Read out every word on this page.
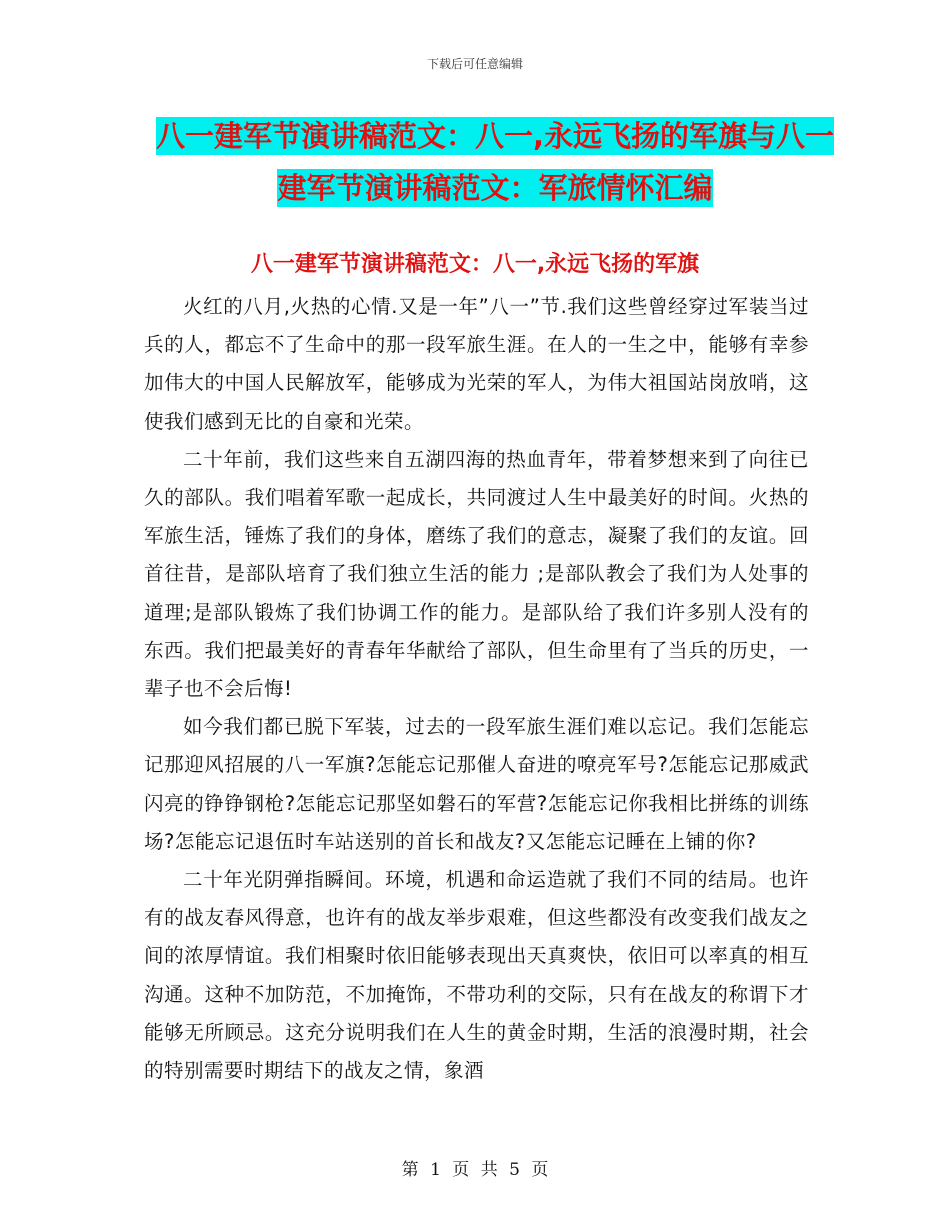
下载后可任意编辑
八一建军节演讲稿范文：八一,永远飞扬的军旗与八一建军节演讲稿范文：军旅情怀汇编
八一建军节演讲稿范文：八一,永远飞扬的军旗

火红的八月,火热的心情.又是一年”八一”节.我们这些曾经穿过军装当过兵的人，都忘不了生命中的那一段军旅生涯。在人的一生之中，能够有幸参加伟大的中国人民解放军，能够成为光荣的军人，为伟大祖国站岗放哨，这使我们感到无比的自豪和光荣。

二十年前，我们这些来自五湖四海的热血青年，带着梦想来到了向往已久的部队。我们唱着军歌一起成长，共同渡过人生中最美好的时间。火热的军旅生活，锤炼了我们的身体，磨练了我们的意志，凝聚了我们的友谊。回首往昔，是部队培育了我们独立生活的能力 ;是部队教会了我们为人处事的道理;是部队锻炼了我们协调工作的能力。是部队给了我们许多别人没有的东西。我们把最美好的青春年华献给了部队，但生命里有了当兵的历史，一辈子也不会后悔!

如今我们都已脱下军装，过去的一段军旅生涯们难以忘记。我们怎能忘记那迎风招展的八一军旗?怎能忘记那催人奋进的嘹亮军号?怎能忘记那威武闪亮的铮铮钢枪?怎能忘记那坚如磐石的军营?怎能忘记你我相比拼练的训练场?怎能忘记退伍时车站送别的首长和战友?又怎能忘记睡在上铺的你?

二十年光阴弹指瞬间。环境，机遇和命运造就了我们不同的结局。也许有的战友春风得意，也许有的战友举步艰难，但这些都没有改变我们战友之间的浓厚情谊。我们相聚时依旧能够表现出天真爽快，依旧可以率真的相互沟通。这种不加防范，不加掩饰，不带功利的交际，只有在战友的称谓下才能够无所顾忌。这充分说明我们在人生的黄金时期，生活的浪漫时期，社会的特别需要时期结下的战友之情，象酒

第 1 页 共 5 页
